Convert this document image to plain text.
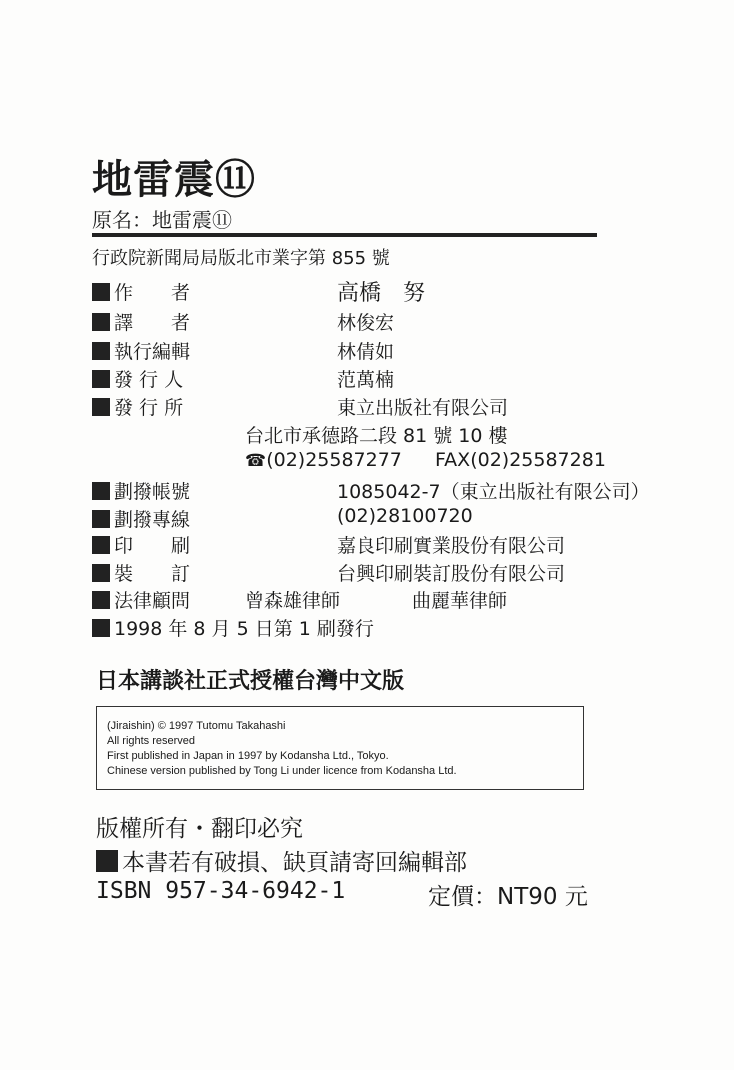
地雷震⑪
原名：地雷震⑪
行政院新聞局局版北市業字第 855 號
作　　者	高橋　努
譯　　者	林俊宏
執行編輯	林倩如
發 行 人	范萬楠
發 行 所	東立出版社有限公司
台北市承德路二段 81 號 10 樓
☎(02)25587277 FAX(02)25587281
劃撥帳號	1085042-7（東立出版社有限公司）
劃撥專線	(02)28100720
印　　刷	嘉良印刷實業股份有限公司
裝　　訂	台興印刷裝訂股份有限公司
法律顧問	曾森雄律師	曲麗華律師
1998 年 8 月 5 日第 1 刷發行
日本講談社正式授權台灣中文版
(Jiraishin) © 1997 Tutomu Takahashi
All rights reserved
First published in Japan in 1997 by Kodansha Ltd., Tokyo.
Chinese version published by Tong Li under licence from Kodansha Ltd.
版權所有・翻印必究
本書若有破損、缺頁請寄回編輯部
ISBN 957-34-6942-1	定價：NT90 元
